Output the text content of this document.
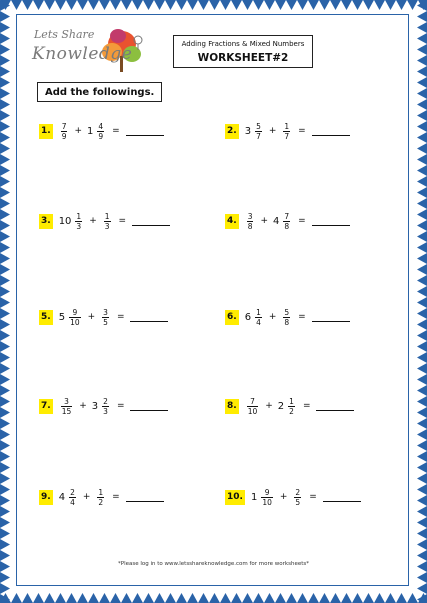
Lets Share
Knowledge	Adding Fractions & Mixed Numbers
WORKSHEET#2
Add the followings.
1. $\frac{7}{9} + 1 \frac{4}{9}$ =	2. $3 \frac{5}{7} + \frac{1}{7}$ =
3. $10 \frac{1}{3} + \frac{1}{3}$ =	4. $\frac{3}{8} + 4 \frac{7}{8}$ =
5. $5 \frac{9}{10} + \frac{3}{5}$ =	6. $6 \frac{1}{4} + \frac{5}{8}$ =
7. $\frac{3}{15} + 3 \frac{2}{3}$ =	8. $\frac{7}{10} + 2 \frac{1}{2}$ =
9. $4 \frac{2}{4} + \frac{1}{2}$ =	10. $1 \frac{9}{10} + \frac{2}{5}$ =
*Please log in to www.letsshareknowledge.com for more worksheets*
